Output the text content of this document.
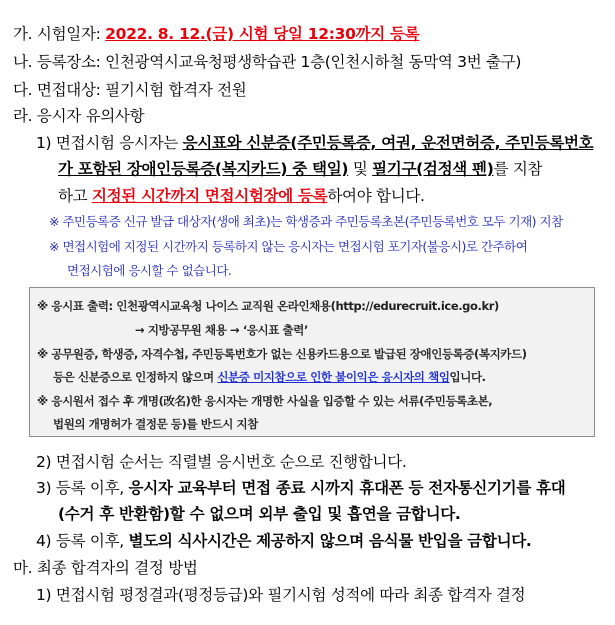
가. 시험일자: 2022. 8. 12.(금) 시험 당일 12:30까지 등록
나. 등록장소: 인천광역시교육청평생학습관 1층(인천시하철 동막역 3번 출구)
다. 면접대상: 필기시험 합격자 전원
라. 응시자 유의사항
1) 면접시험 응시자는 응시표와 신분증(주민등록증, 여권, 운전면허증, 주민등록번호
가 포함된 장애인등록증(복지카드) 중 택일) 및 필기구(검정색 펜)를 지참
하고 지정된 시간까지 면접시험장에 등록하여야 합니다.
※ 주민등록증 신규 발급 대상자(생애 최초)는 학생증과 주민등록초본(주민등록번호 모두 기재) 지참
※ 면접시험에 지정된 시간까지 등록하지 않는 응시자는 면접시험 포기자(불응시)로 간주하여
면접시험에 응시할 수 없습니다.
※ 응시표 출력: 인천광역시교육청 나이스 교직원 온라인채용(http://edurecruit.ice.go.kr)
→ 지방공무원 채용 → ‘응시표 출력’
※ 공무원증, 학생증, 자격수첩, 주민등록번호가 없는 신용카드용으로 발급된 장애인등록증(복지카드)
등은 신분증으로 인정하지 않으며 신분증 미지참으로 인한 불이익은 응시자의 책임입니다.
※ 응시원서 접수 후 개명(改名)한 응시자는 개명한 사실을 입증할 수 있는 서류(주민등록초본,
법원의 개명허가 결정문 등)를 반드시 지참
2) 면접시험 순서는 직렬별 응시번호 순으로 진행합니다.
3) 등록 이후, 응시자 교육부터 면접 종료 시까지 휴대폰 등 전자통신기기를 휴대
(수거 후 반환함)할 수 없으며 외부 출입 및 흡연을 금합니다.
4) 등록 이후, 별도의 식사시간은 제공하지 않으며 음식물 반입을 금합니다.
마. 최종 합격자의 결정 방법
1) 면접시험 평정결과(평정등급)와 필기시험 성적에 따라 최종 합격자 결정
